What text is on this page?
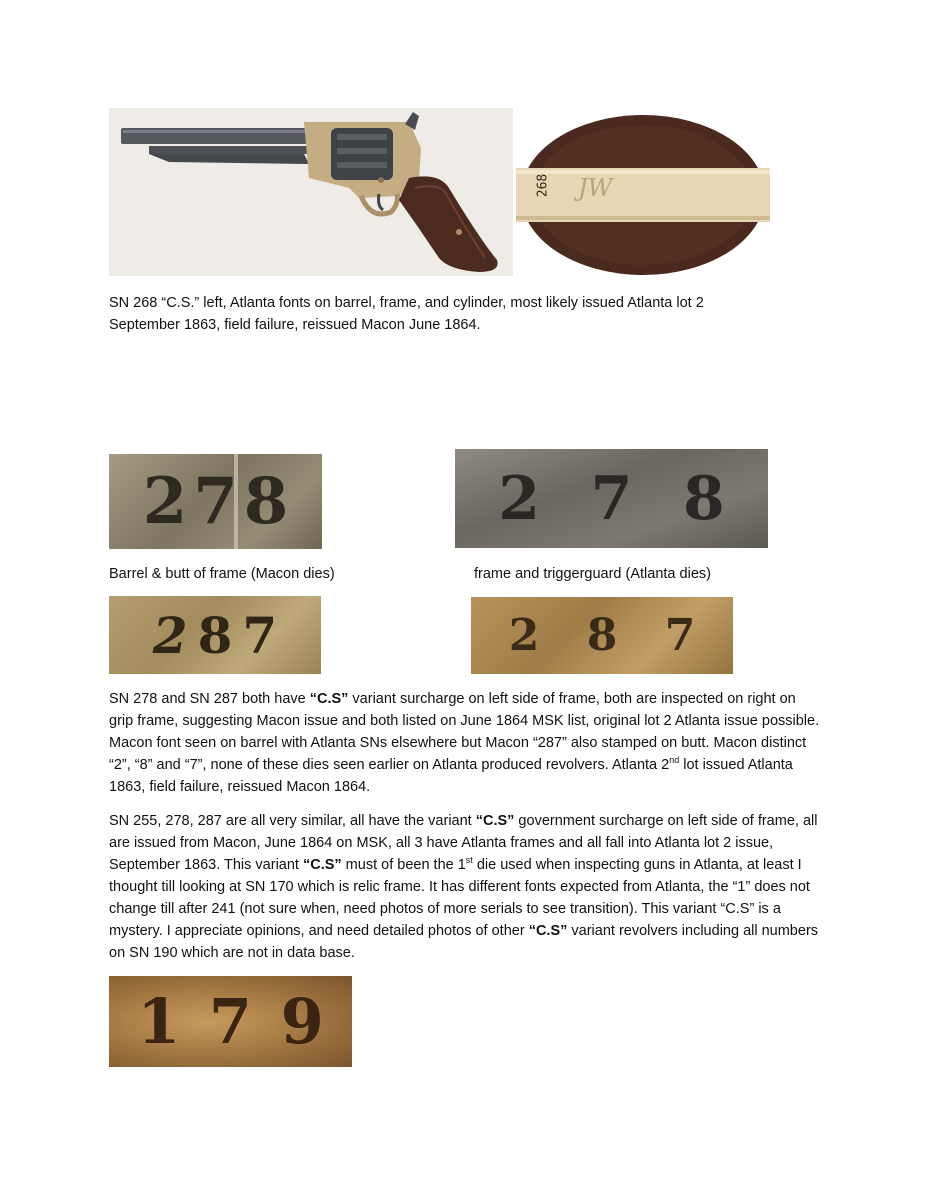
268 JW
SN 268 “C.S.” left, Atlanta fonts on barrel, frame, and cylinder, most likely issued Atlanta lot 2
September 1863, field failure, reissued Macon June 1864.
2 7 8	2 7 8
Barrel & butt of frame (Macon dies)	frame and triggerguard (Atlanta dies)
2 8 7	2 8 7

SN 278 and SN 287 both have “C.S” variant surcharge on left side of frame, both are inspected on right on grip frame, suggesting Macon issue and both listed on June 1864 MSK list, original lot 2 Atlanta issue possible. Macon font seen on barrel with Atlanta SNs elsewhere but Macon “287” also stamped on butt. Macon distinct “2”, “8” and “7”, none of these dies seen earlier on Atlanta produced revolvers. Atlanta 2nd lot issued Atlanta 1863, field failure, reissued Macon 1864.

SN 255, 278, 287 are all very similar, all have the variant “C.S” government surcharge on left side of frame, all are issued from Macon, June 1864 on MSK, all 3 have Atlanta frames and all fall into Atlanta lot 2 issue, September 1863. This variant “C.S” must of been the 1st die used when inspecting guns in Atlanta, at least I thought till looking at SN 170 which is relic frame. It has different fonts expected from Atlanta, the “1” does not change till after 241 (not sure when, need photos of more serials to see transition). This variant “C.S” is a mystery. I appreciate opinions, and need detailed photos of other “C.S” variant revolvers including all numbers on SN 190 which are not in data base.

1 7 9
